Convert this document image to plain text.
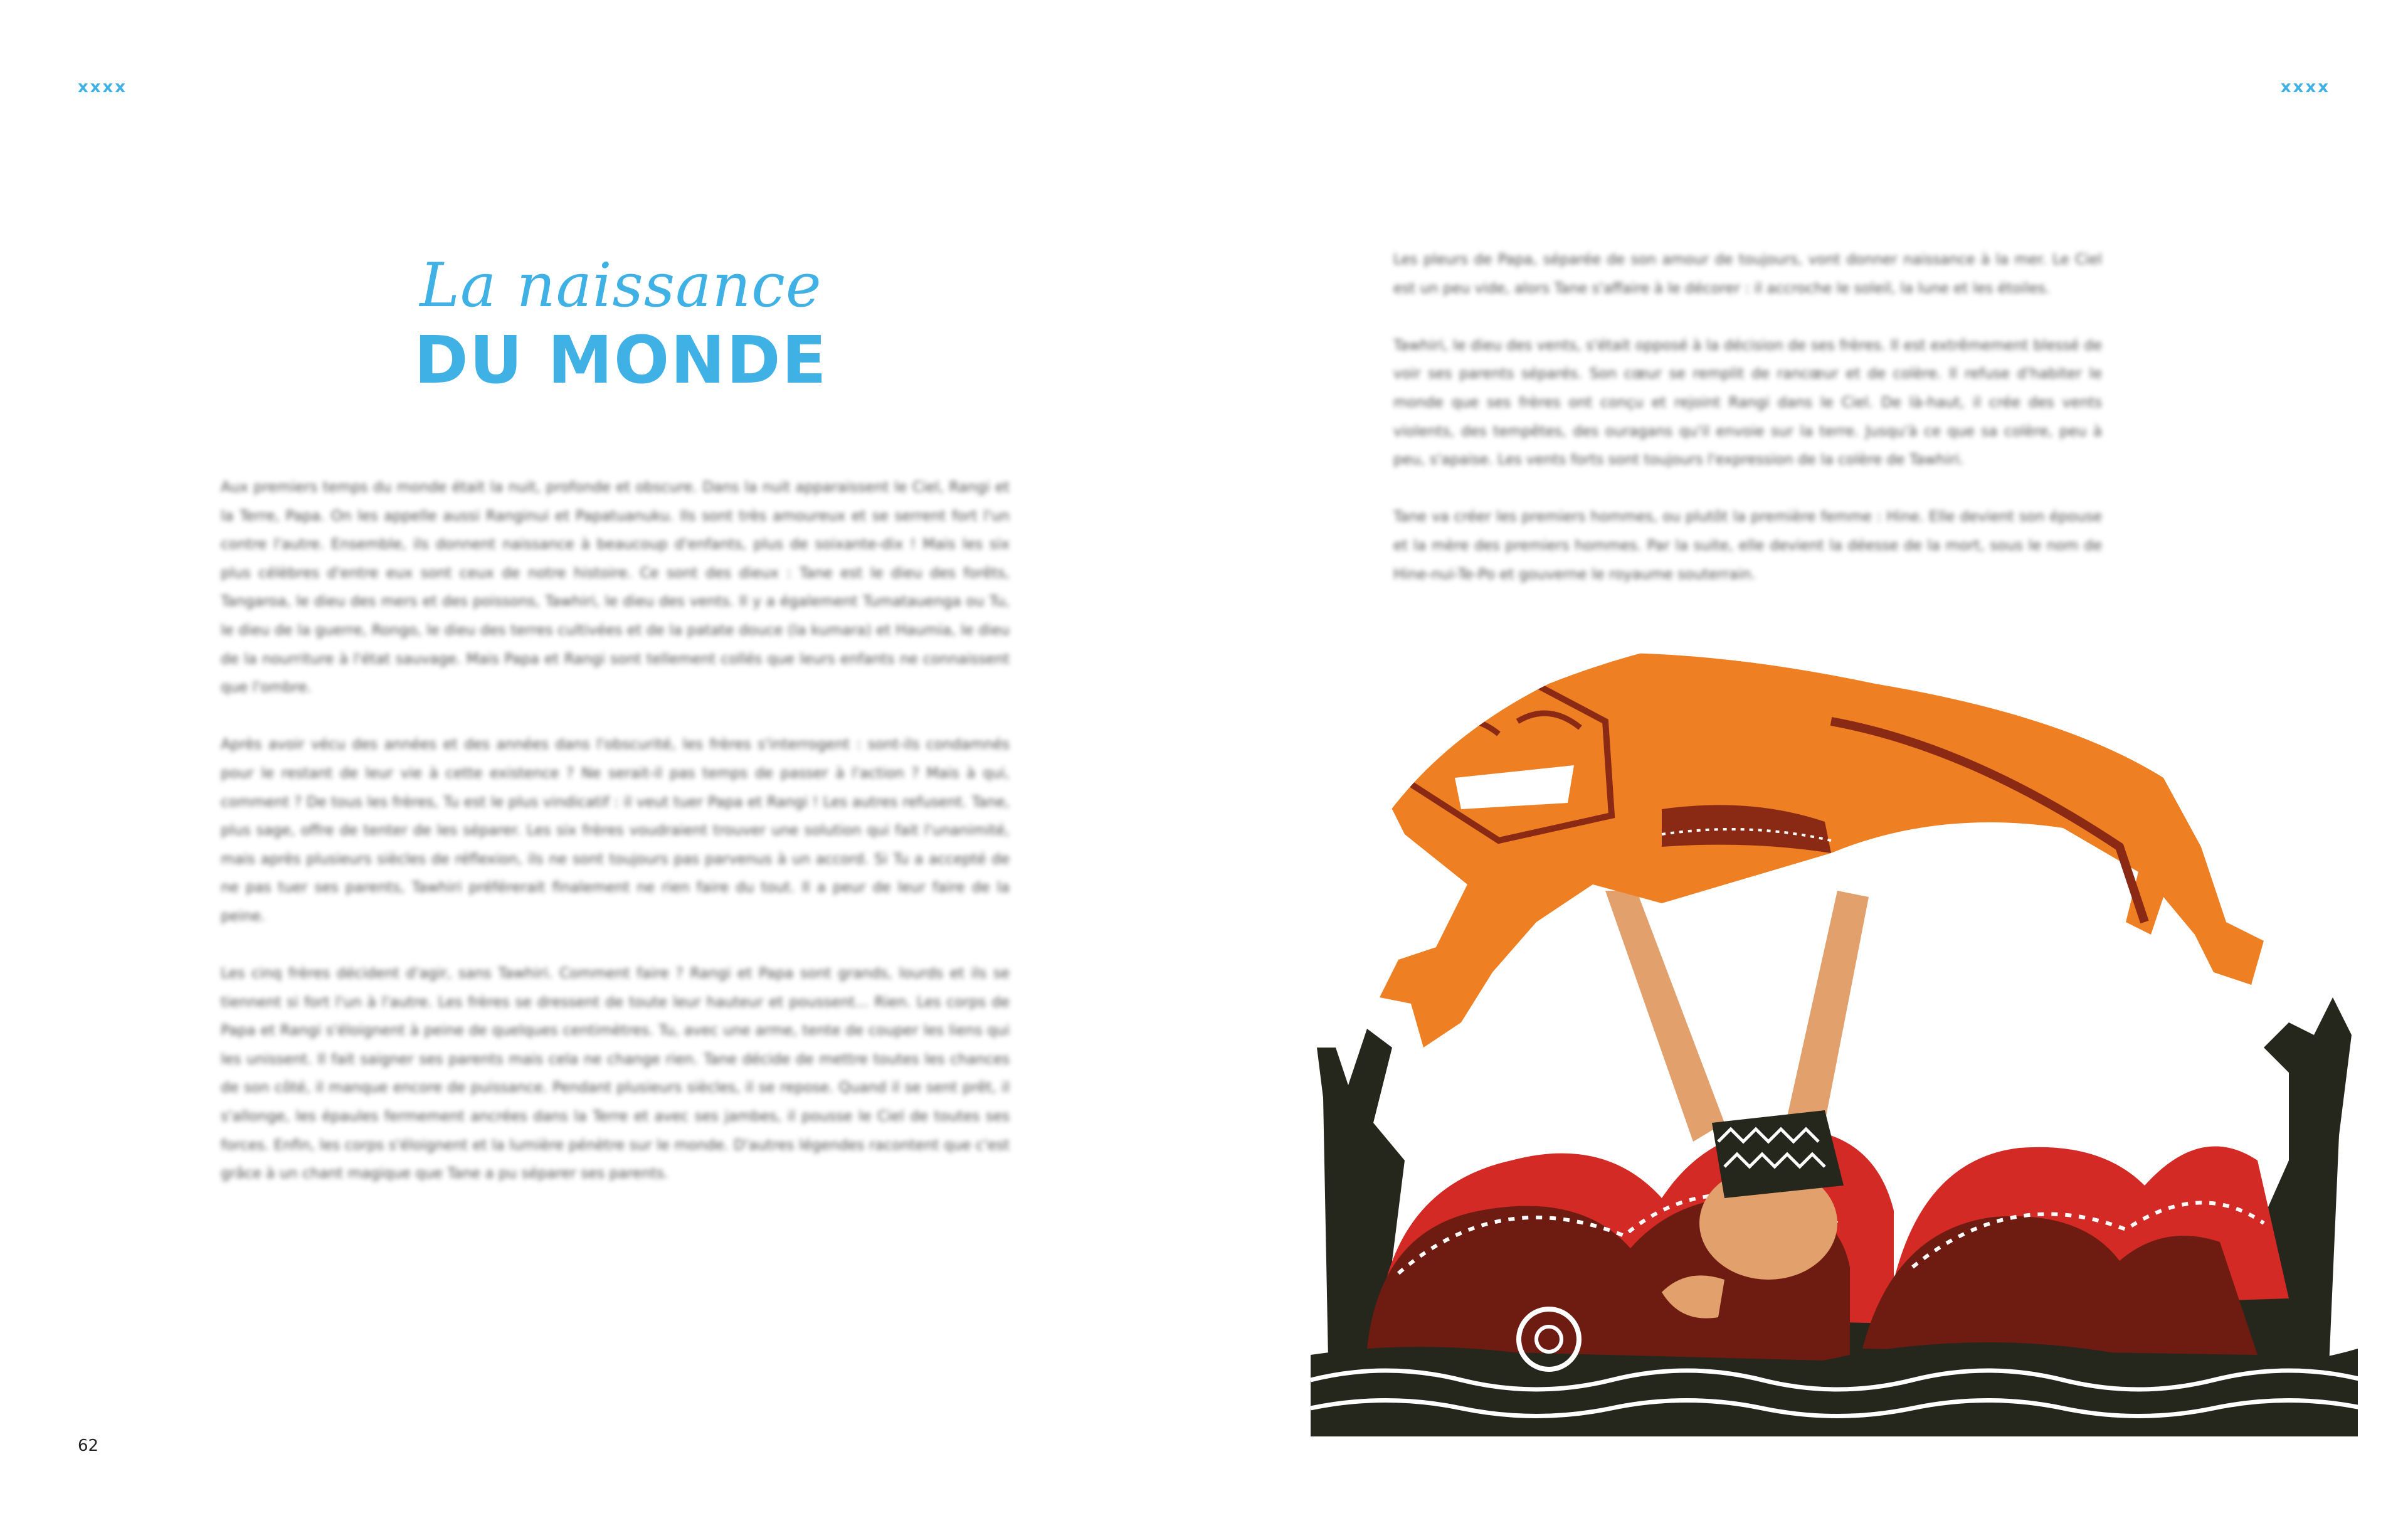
xxxx
La naissance
DU MONDE

Aux premiers temps du monde était la nuit, profonde et obscure. Dans la nuit apparaissent le Ciel, Rangi et la Terre, Papa. On les appelle aussi Ranginui et Papatuanuku. Ils sont très amoureux et se serrent fort l'un contre l'autre. Ensemble, ils donnent naissance à beaucoup d'enfants, plus de soixante-dix ! Mais les six plus célèbres d'entre eux sont ceux de notre histoire. Ce sont des dieux : Tane est le dieu des forêts, Tangaroa, le dieu des mers et des poissons, Tawhiri, le dieu des vents. Il y a également Tumatauenga ou Tu, le dieu de la guerre, Rongo, le dieu des terres cultivées et de la patate douce (la kumara) et Haumia, le dieu de la nourriture à l'état sauvage. Mais Papa et Rangi sont tellement collés que leurs enfants ne connaissent que l'ombre.

Après avoir vécu des années et des années dans l'obscurité, les frères s'interrogent : sont-ils condamnés pour le restant de leur vie à cette existence ? Ne serait-il pas temps de passer à l'action ? Mais à qui, comment ? De tous les frères, Tu est le plus vindicatif : il veut tuer Papa et Rangi ! Les autres refusent. Tane, plus sage, offre de tenter de les séparer. Les six frères voudraient trouver une solution qui fait l'unanimité, mais après plusieurs siècles de réflexion, ils ne sont toujours pas parvenus à un accord. Si Tu a accepté de ne pas tuer ses parents, Tawhiri préférerait finalement ne rien faire du tout. Il a peur de leur faire de la peine.

Les cinq frères décident d'agir, sans Tawhiri. Comment faire ? Rangi et Papa sont grands, lourds et ils se tiennent si fort l'un à l'autre. Les frères se dressent de toute leur hauteur et poussent... Rien. Les corps de Papa et Rangi s'éloignent à peine de quelques centimètres. Tu, avec une arme, tente de couper les liens qui les unissent. Il fait saigner ses parents mais cela ne change rien. Tane décide de mettre toutes les chances de son côté, il manque encore de puissance. Pendant plusieurs siècles, il se repose. Quand il se sent prêt, il s'allonge, les épaules fermement ancrées dans la Terre et avec ses jambes, il pousse le Ciel de toutes ses forces. Enfin, les corps s'éloignent et la lumière pénètre sur le monde. D'autres légendes racontent que c'est grâce à un chant magique que Tane a pu séparer ses parents.

62
xxxx

Les pleurs de Papa, séparée de son amour de toujours, vont donner naissance à la mer. Le Ciel est un peu vide, alors Tane s'affaire à le décorer : il accroche le soleil, la lune et les étoiles.

Tawhiri, le dieu des vents, s'était opposé à la décision de ses frères. Il est extrêmement blessé de voir ses parents séparés. Son cœur se remplit de rancœur et de colère. Il refuse d'habiter le monde que ses frères ont conçu et rejoint Rangi dans le Ciel. De là-haut, il crée des vents violents, des tempêtes, des ouragans qu'il envoie sur la terre. Jusqu'à ce que sa colère, peu à peu, s'apaise. Les vents forts sont toujours l'expression de la colère de Tawhiri.

Tane va créer les premiers hommes, ou plutôt la première femme : Hine. Elle devient son épouse et la mère des premiers hommes. Par la suite, elle devient la déesse de la mort, sous le nom de Hine-nui-Te-Po et gouverne le royaume souterrain.
